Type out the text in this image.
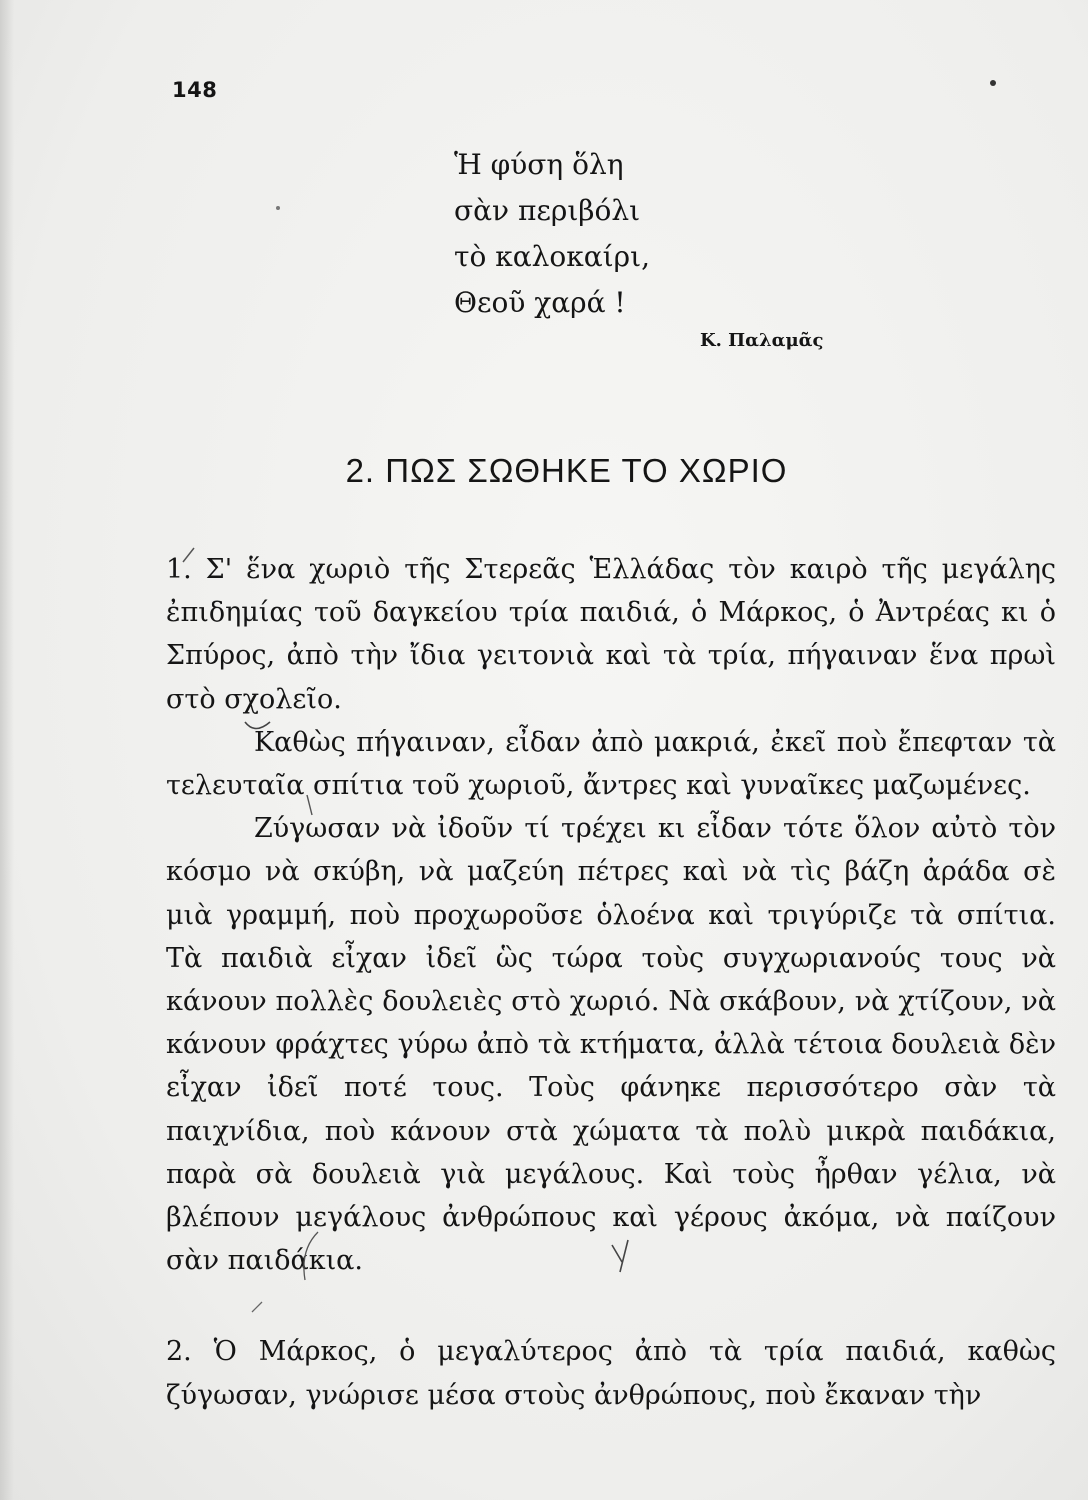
148
Ἡ φύση ὅλη
σὰν περιβόλι
τὸ καλοκαίρι,
Θεοῦ χαρά !
Κ. Παλαμᾶς
2. ΠΩΣ ΣΩΘΗΚΕ ΤΟ ΧΩΡΙΟ

1. Σ' ἕνα χωριὸ τῆς Στερεᾶς Ἑλλάδας τὸν καιρὸ τῆς μεγάλης ἐπιδημίας τοῦ δαγκείου τρία παιδιά, ὁ Μάρκος, ὁ Ἀντρέας κι ὁ Σπύρος, ἀπὸ τὴν ἴδια γειτονιὰ καὶ τὰ τρία, πήγαιναν ἕνα πρωὶ στὸ σχολεῖο.

Καθὼς πήγαιναν, εἶδαν ἀπὸ μακριά, ἐκεῖ ποὺ ἔπεφταν τὰ τελευταῖα σπίτια τοῦ χωριοῦ, ἄντρες καὶ γυναῖκες μαζωμένες.

Ζύγωσαν νὰ ἰδοῦν τί τρέχει κι εἶδαν τότε ὅλον αὐτὸ τὸν κόσμο νὰ σκύβη, νὰ μαζεύη πέτρες καὶ νὰ τὶς βάζη ἀράδα σὲ μιὰ γραμμή, ποὺ προχωροῦσε ὁλοένα καὶ τριγύριζε τὰ σπίτια. Τὰ παιδιὰ εἶχαν ἰδεῖ ὣς τώρα τοὺς συγχωριανούς τους νὰ κάνουν πολλὲς δουλειὲς στὸ χωριό. Νὰ σκάβουν, νὰ χτίζουν, νὰ κάνουν φράχτες γύρω ἀπὸ τὰ κτήματα, ἀλλὰ τέτοια δουλειὰ δὲν εἶχαν ἰδεῖ ποτέ τους. Τοὺς φάνηκε περισσότερο σὰν τὰ παιχνίδια, ποὺ κάνουν στὰ χώματα τὰ πολὺ μικρὰ παιδάκια, παρὰ σὰ δουλειὰ γιὰ μεγάλους. Καὶ τοὺς ἦρθαν γέλια, νὰ βλέπουν μεγάλους ἀνθρώπους καὶ γέρους ἀκόμα, νὰ παίζουν σὰν παιδάκια.

2. Ὁ Μάρκος, ὁ μεγαλύτερος ἀπὸ τὰ τρία παιδιά, καθὼς ζύγωσαν, γνώρισε μέσα στοὺς ἀνθρώπους, ποὺ ἔκαναν τὴν
